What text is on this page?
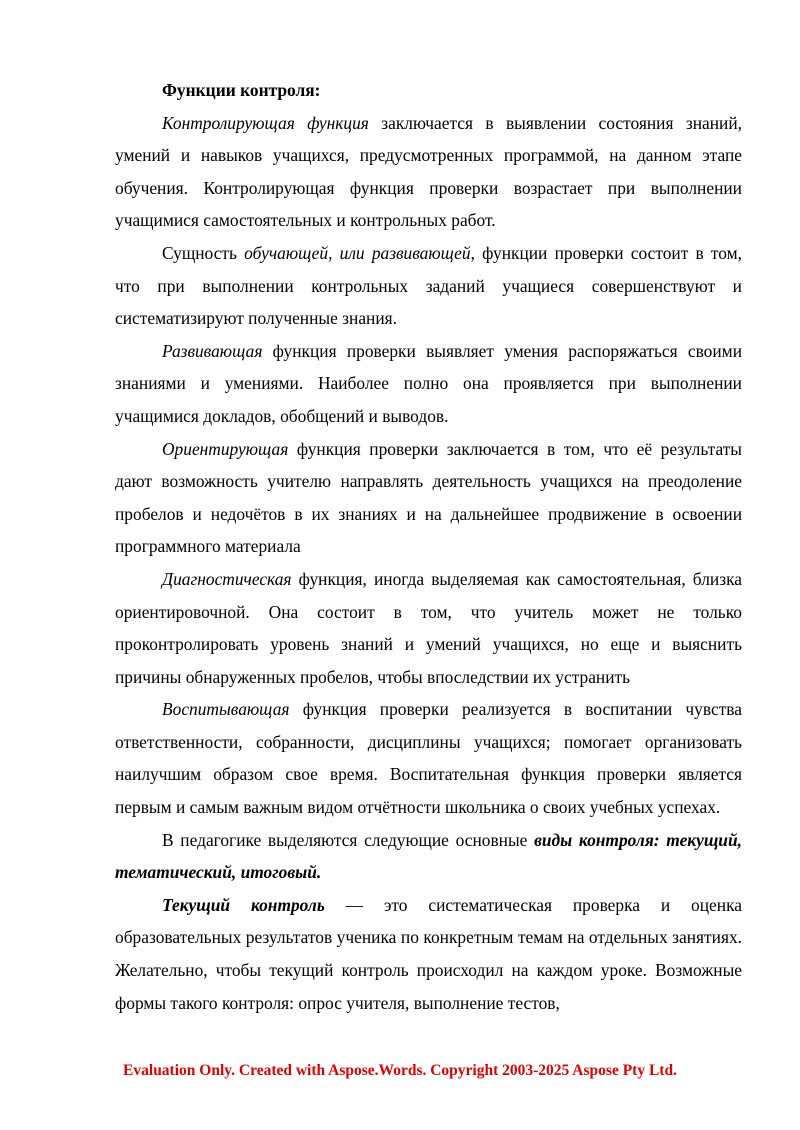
Функции контроля:

Контролирующая функция заключается в выявлении состояния знаний, умений и навыков учащихся, предусмотренных программой, на данном этапе обучения. Контролирующая функция проверки возрастает при выполнении учащимися самостоятельных и контрольных работ.

Сущность обучающей, или развивающей, функции проверки состоит в том, что при выполнении контрольных заданий учащиеся совершенствуют и систематизируют полученные знания.

Развивающая функция проверки выявляет умения распоряжаться своими знаниями и умениями. Наиболее полно она проявляется при выполнении учащимися докладов, обобщений и выводов.

Ориентирующая функция проверки заключается в том, что её результаты дают возможность учителю направлять деятельность учащихся на преодоление пробелов и недочётов в их знаниях и на дальнейшее продвижение в освоении программного материала

Диагностическая функция, иногда выделяемая как самостоятельная, близка ориентировочной. Она состоит в том, что учитель может не только проконтролировать уровень знаний и умений учащихся, но еще и выяснить причины обнаруженных пробелов, чтобы впоследствии их устранить

Воспитывающая функция проверки реализуется в воспитании чувства ответственности, собранности, дисциплины учащихся; помогает организовать наилучшим образом свое время. Воспитательная функция проверки является первым и самым важным видом отчётности школьника о своих учебных успехах.

В педагогике выделяются следующие основные виды контроля: текущий, тематический, итоговый.

Текущий контроль — это систематическая проверка и оценка образовательных результатов ученика по конкретным темам на отдельных занятиях. Желательно, чтобы текущий контроль происходил на каждом уроке. Возможные формы такого контроля: опрос учителя, выполнение тестов,

Evaluation Only. Created with Aspose.Words. Copyright 2003-2025 Aspose Pty Ltd.
